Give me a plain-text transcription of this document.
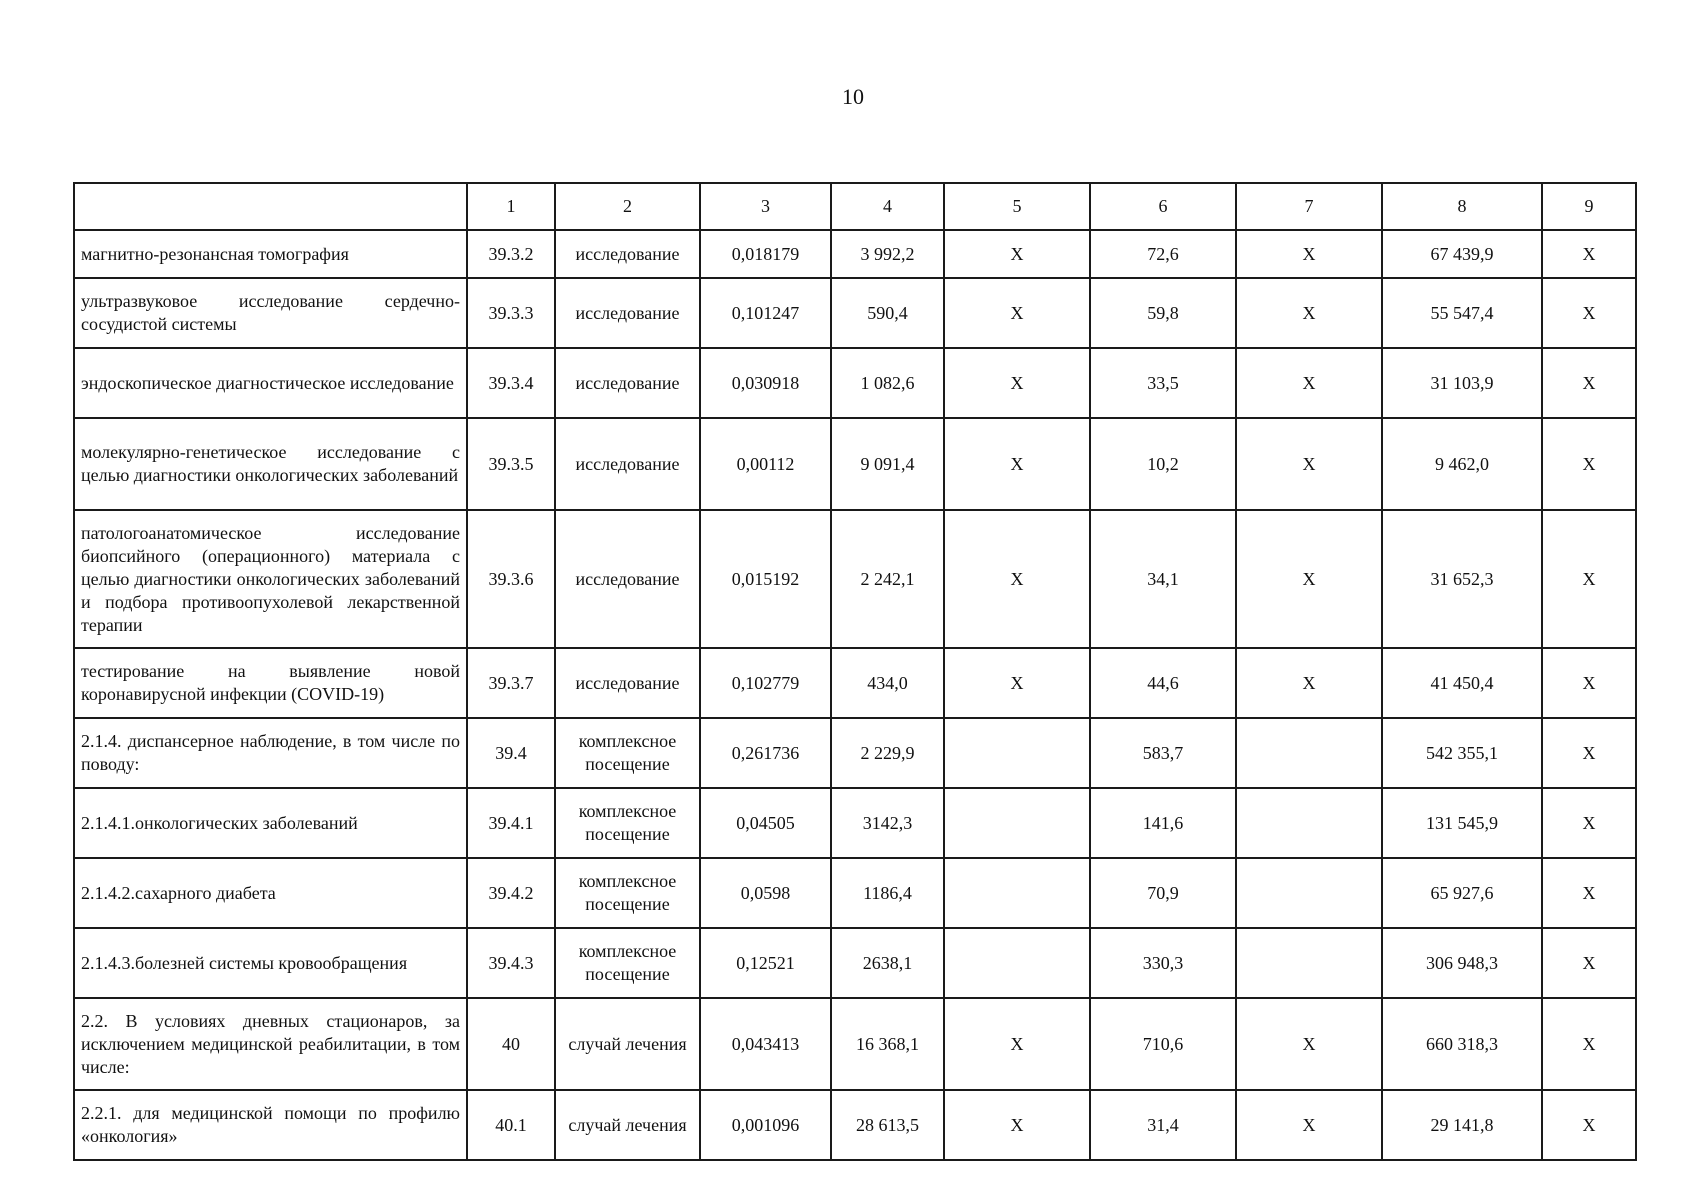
10
	1	2	3	4	5	6	7	8	9
магнитно-резонансная томография	39.3.2	исследование	0,018179	3 992,2	X	72,6	X	67 439,9	X
ультразвуковое исследование сердечно-сосудистой системы	39.3.3	исследование	0,101247	590,4	X	59,8	X	55 547,4	X
эндоскопическое диагностическое исследование	39.3.4	исследование	0,030918	1 082,6	X	33,5	X	31 103,9	X
молекулярно-генетическое исследование с целью диагностики онкологических заболеваний	39.3.5	исследование	0,00112	9 091,4	X	10,2	X	9 462,0	X
патологоанатомическое исследование биопсийного (операционного) материала с целью диагностики онкологических заболеваний и подбора противоопухолевой лекарственной терапии	39.3.6	исследование	0,015192	2 242,1	X	34,1	X	31 652,3	X
тестирование на выявление новой коронавирусной инфекции (COVID-19)	39.3.7	исследование	0,102779	434,0	X	44,6	X	41 450,4	X
2.1.4. диспансерное наблюдение, в том числе по поводу:	39.4	комплексное посещение	0,261736	2 229,9		583,7		542 355,1	X
2.1.4.1.онкологических заболеваний	39.4.1	комплексное посещение	0,04505	3142,3		141,6		131 545,9	X
2.1.4.2.сахарного диабета	39.4.2	комплексное посещение	0,0598	1186,4		70,9		65 927,6	X
2.1.4.3.болезней системы кровообращения	39.4.3	комплексное посещение	0,12521	2638,1		330,3		306 948,3	X
2.2. В условиях дневных стационаров, за исключением медицинской реабилитации, в том числе:	40	случай лечения	0,043413	16 368,1	X	710,6	X	660 318,3	X
2.2.1. для медицинской помощи по профилю «онкология»	40.1	случай лечения	0,001096	28 613,5	X	31,4	X	29 141,8	X
